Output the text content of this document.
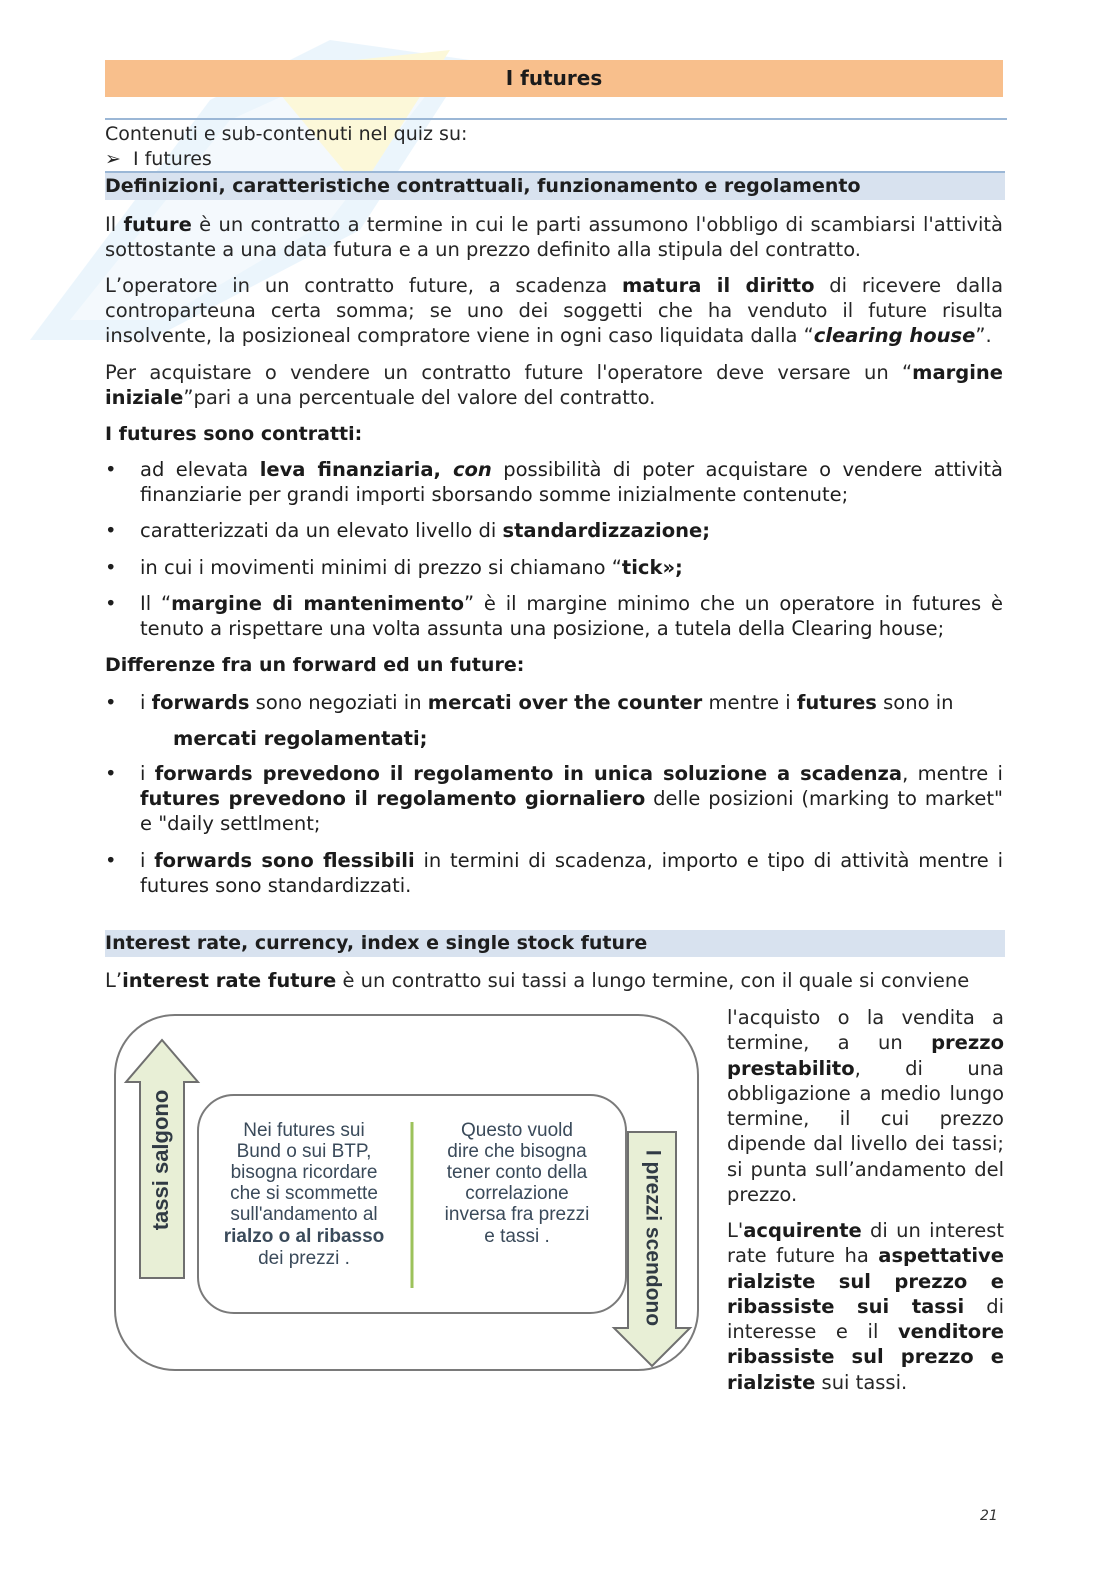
I futures
Contenuti e sub-contenuti nel quiz su:
➢ I futures
Definizioni, caratteristiche contrattuali, funzionamento e regolamento
Il future è un contratto a termine in cui le parti assumono l'obbligo di scambiarsi l'attività sottostante a una data futura e a un prezzo definito alla stipula del contratto.
L’operatore in un contratto future, a scadenza matura il diritto di ricevere dalla controparteuna certa somma; se uno dei soggetti che ha venduto il future risulta insolvente, la posizioneal compratore viene in ogni caso liquidata dalla “clearing house”.
Per acquistare o vendere un contratto future l'operatore deve versare un “margine iniziale”pari a una percentuale del valore del contratto.
I futures sono contratti:
•	ad elevata leva finanziaria, con possibilità di poter acquistare o vendere attività finanziarie per grandi importi sborsando somme inizialmente contenute;
•	caratterizzati da un elevato livello di standardizzazione;
•	in cui i movimenti minimi di prezzo si chiamano “tick»;
•	Il “margine di mantenimento” è il margine minimo che un operatore in futures è tenuto a rispettare una volta assunta una posizione, a tutela della Clearing house;
Differenze fra un forward ed un future:
•	i forwards sono negoziati in mercati over the counter mentre i futures sono in
mercati regolamentati;
•	i forwards prevedono il regolamento in unica soluzione a scadenza, mentre i futures prevedono il regolamento giornaliero delle posizioni (marking to market" e "daily settlment;
•	i forwards sono flessibili in termini di scadenza, importo e tipo di attività mentre i futures sono standardizzati.
Interest rate, currency, index e single stock future
L’interest rate future è un contratto sui tassi a lungo termine, con il quale si conviene
tassi salgono	I prezzi scendono
Nei futures sui
Bund o sui BTP,
bisogna ricordare
che si scommette
sull'andamento al
rialzo o al ribasso
dei prezzi .
Questo vuold
dire che bisogna
tener conto della
correlazione
inversa fra prezzi
e tassi .
l'acquisto o la vendita a termine, a un prezzo prestabilito, di una obbligazione a medio lungo termine, il cui prezzo dipende dal livello dei tassi; si punta sull’andamento del prezzo.
L'acquirente di un interest rate future ha aspettative rialziste sul prezzo e ribassiste sui tassi di interesse e il venditore ribassiste sul prezzo e rialziste sui tassi.
21
